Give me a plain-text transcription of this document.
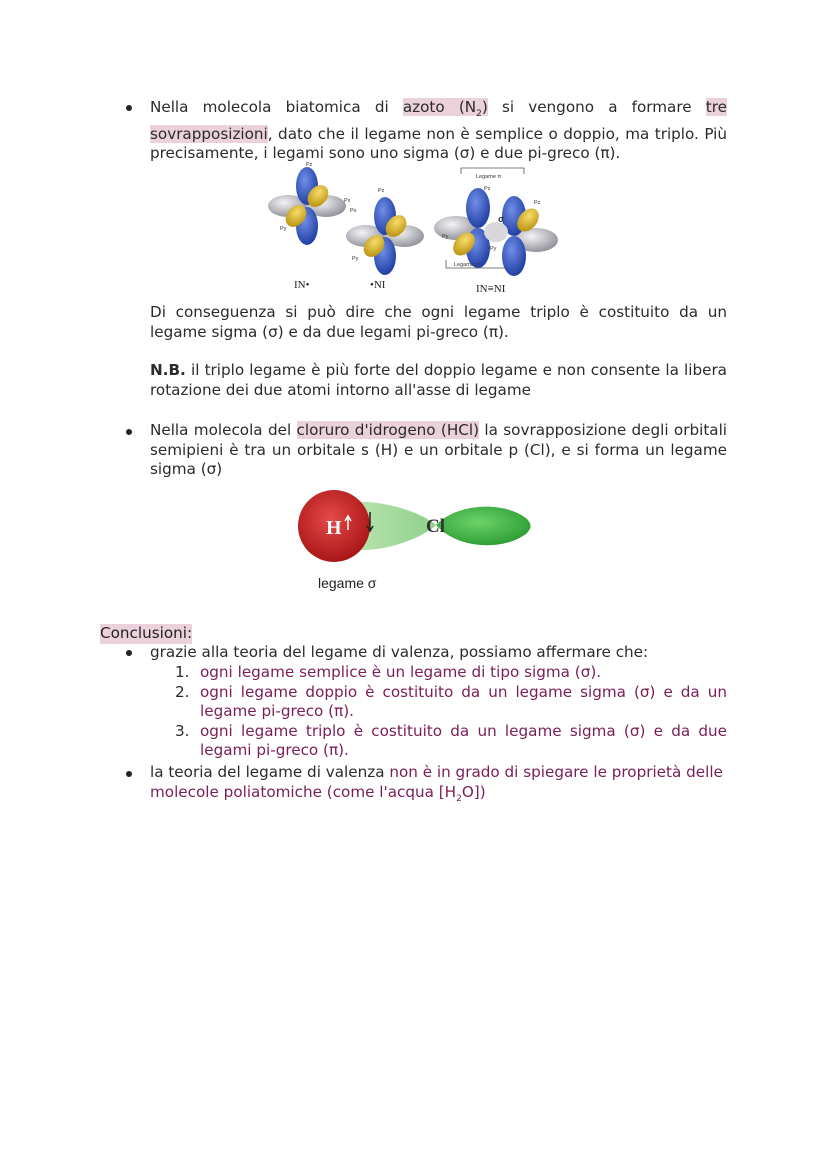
Nella molecola biatomica di azoto $(N_2)$ si vengono a formare tre sovrapposizioni, dato che il legame non è semplice o doppio, ma triplo. Più precisamente, i legami sono uno sigma (σ) e due pi-greco (π).

Pz
Px
Py
Pz
Px
Py
Legame π
Pz
Pz
Py
Py
Legame π
σ
IN•	•NI	IN≡NI

Di conseguenza si può dire che ogni legame triplo è costituito da un legame sigma (σ) e da due legami pi-greco (π).

N.B. il triplo legame è più forte del doppio legame e non consente la libera rotazione dei due atomi intorno all'asse di legame

Nella molecola del cloruro d'idrogeno (HCl) la sovrapposizione degli orbitali semipieni è tra un orbitale s (H) e un orbitale p (Cl), e si forma un legame sigma (σ)

H	Cl
legame σ
Conclusioni:

grazie alla teoria del legame di valenza, possiamo affermare che:

1. ogni legame semplice è un legame di tipo sigma (σ).
2. ogni legame doppio è costituito da un legame sigma (σ) e da un legame pi-greco (π).
3. ogni legame triplo è costituito da un legame sigma (σ) e da due legami pi-greco (π).

la teoria del legame di valenza non è in grado di spiegare le proprietà delle molecole poliatomiche (come l'acqua $[H_2O]$)
